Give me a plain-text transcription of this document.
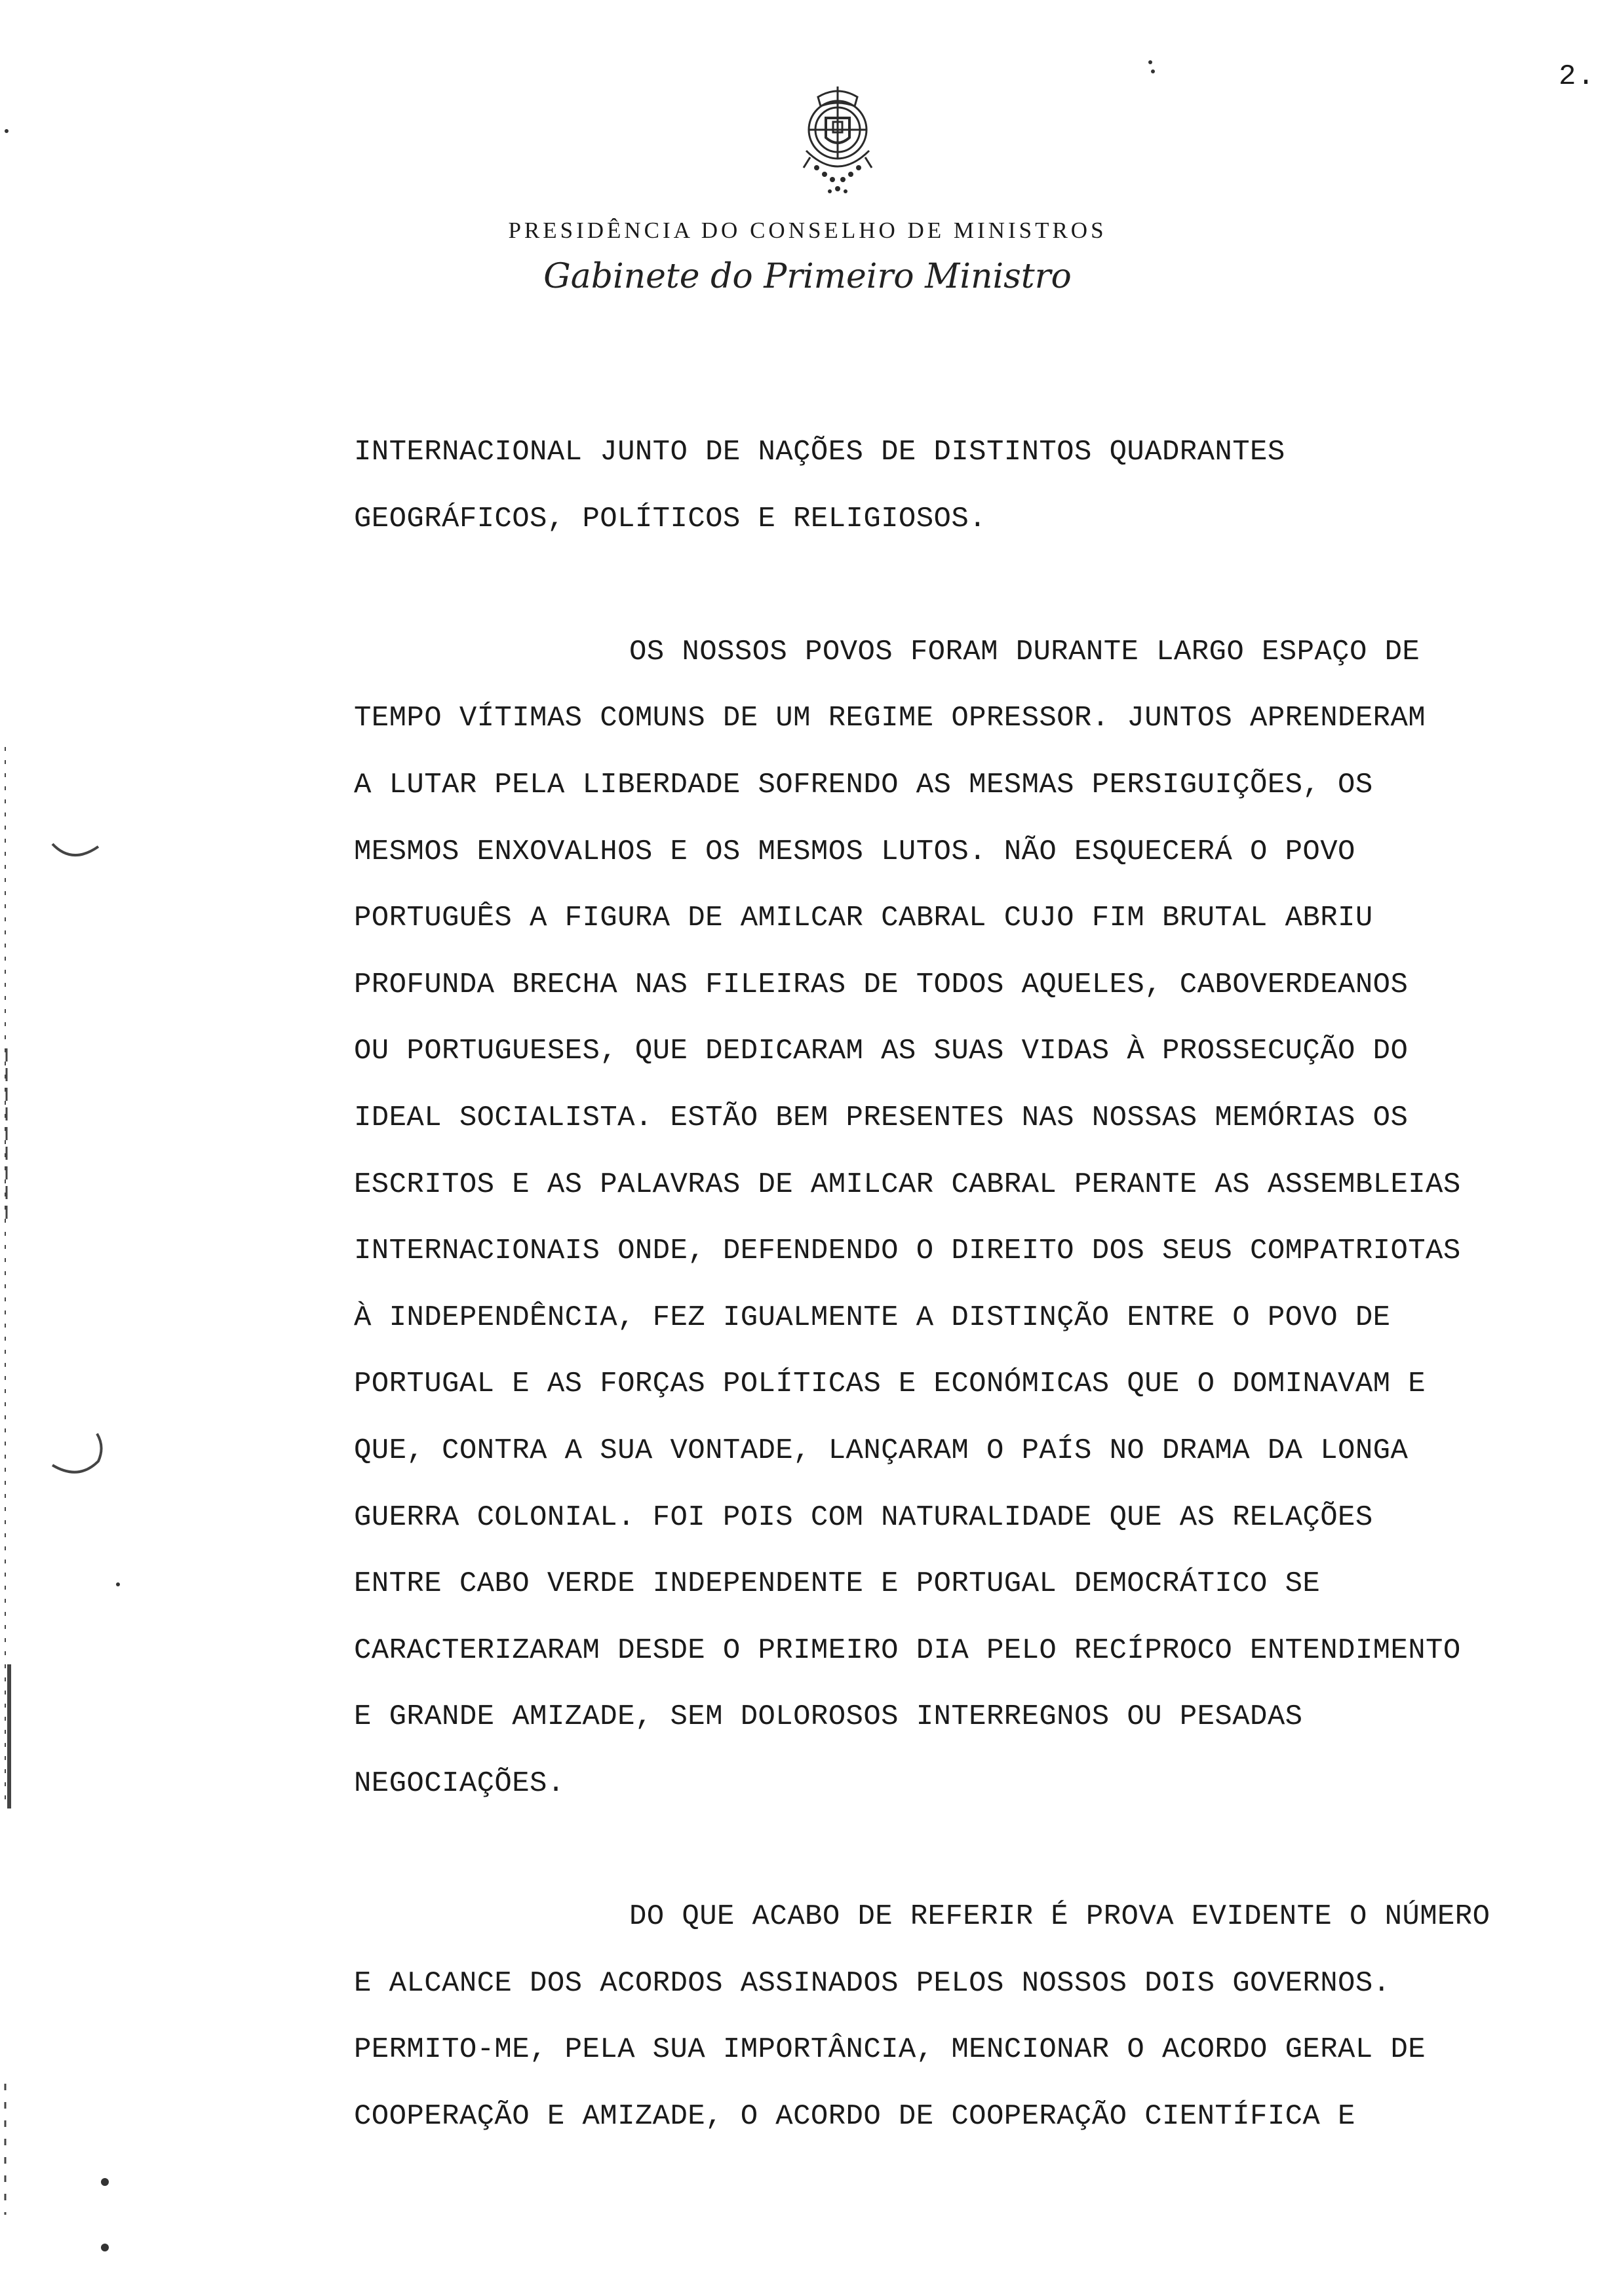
2.
PRESIDÊNCIA DO CONSELHO DE MINISTROS
Gabinete do Primeiro Ministro

INTERNACIONAL JUNTO DE NAÇÕES DE DISTINTOS QUADRANTES
GEOGRÁFICOS, POLÍTICOS E RELIGIOSOS.

OS NOSSOS POVOS FORAM DURANTE LARGO ESPAÇO DE
TEMPO VÍTIMAS COMUNS DE UM REGIME OPRESSOR. JUNTOS APRENDERAM
A LUTAR PELA LIBERDADE SOFRENDO AS MESMAS PERSIGUIÇÕES, OS
MESMOS ENXOVALHOS E OS MESMOS LUTOS. NÃO ESQUECERÁ O POVO
PORTUGUÊS A FIGURA DE AMILCAR CABRAL CUJO FIM BRUTAL ABRIU
PROFUNDA BRECHA NAS FILEIRAS DE TODOS AQUELES, CABOVERDEANOS
OU PORTUGUESES, QUE DEDICARAM AS SUAS VIDAS À PROSSECUÇÃO DO
IDEAL SOCIALISTA. ESTÃO BEM PRESENTES NAS NOSSAS MEMÓRIAS OS
ESCRITOS E AS PALAVRAS DE AMILCAR CABRAL PERANTE AS ASSEMBLEIAS
INTERNACIONAIS ONDE, DEFENDENDO O DIREITO DOS SEUS COMPATRIOTAS
À INDEPENDÊNCIA, FEZ IGUALMENTE A DISTINÇÃO ENTRE O POVO DE
PORTUGAL E AS FORÇAS POLÍTICAS E ECONÓMICAS QUE O DOMINAVAM E
QUE, CONTRA A SUA VONTADE, LANÇARAM O PAÍS NO DRAMA DA LONGA
GUERRA COLONIAL. FOI POIS COM NATURALIDADE QUE AS RELAÇÕES
ENTRE CABO VERDE INDEPENDENTE E PORTUGAL DEMOCRÁTICO SE
CARACTERIZARAM DESDE O PRIMEIRO DIA PELO RECÍPROCO ENTENDIMENTO
E GRANDE AMIZADE, SEM DOLOROSOS INTERREGNOS OU PESADAS
NEGOCIAÇÕES.

DO QUE ACABO DE REFERIR É PROVA EVIDENTE O NÚMERO
E ALCANCE DOS ACORDOS ASSINADOS PELOS NOSSOS DOIS GOVERNOS.
PERMITO-ME, PELA SUA IMPORTÂNCIA, MENCIONAR O ACORDO GERAL DE
COOPERAÇÃO E AMIZADE, O ACORDO DE COOPERAÇÃO CIENTÍFICA E
